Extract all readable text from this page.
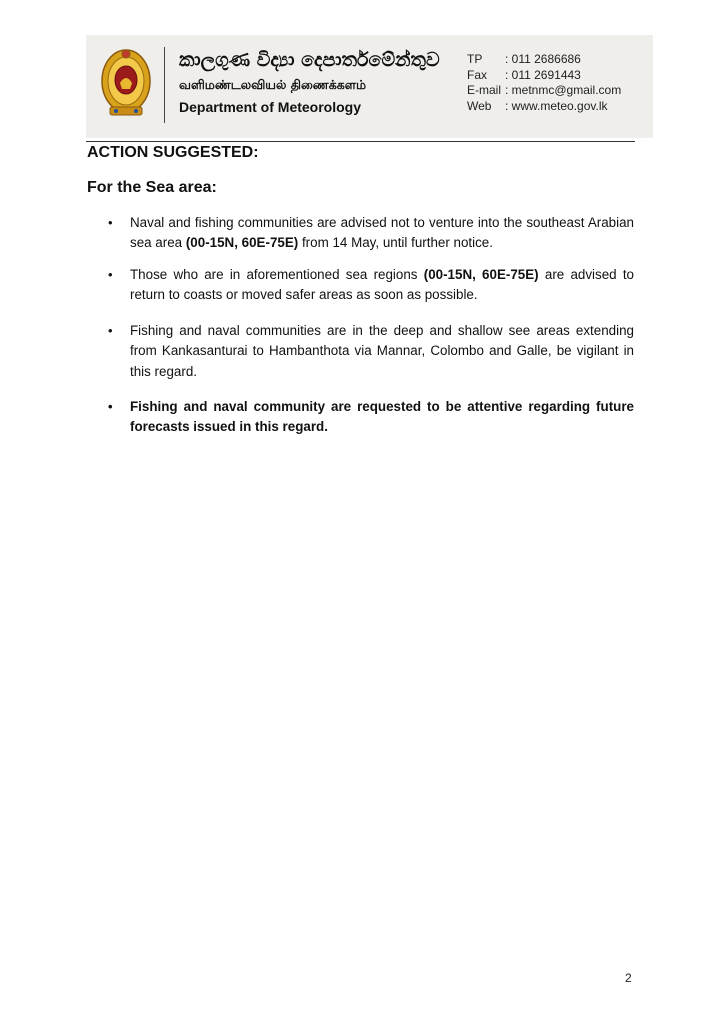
කාලගුණ විද්‍යා දෙපාර්තමේන්තුව
வளிமண்டலவியல் திணைக்களம்
Department of Meteorology
TP	: 011 2686686
Fax	: 011 2691443
E-mail : metnmc@gmail.com
Web	: www.meteo.gov.lk
ACTION SUGGESTED:
For the Sea area:
•	Naval and fishing communities are advised not to venture into the southeast Arabian sea area (00-15N, 60E-75E) from 14 May, until further notice.
•	Those who are in aforementioned sea regions (00-15N, 60E-75E) are advised to return to coasts or moved safer areas as soon as possible.
•	Fishing and naval communities are in the deep and shallow see areas extending from Kankasanturai to Hambanthota via Mannar, Colombo and Galle, be vigilant in this regard.
•	Fishing and naval community are requested to be attentive regarding future forecasts issued in this regard.
2
